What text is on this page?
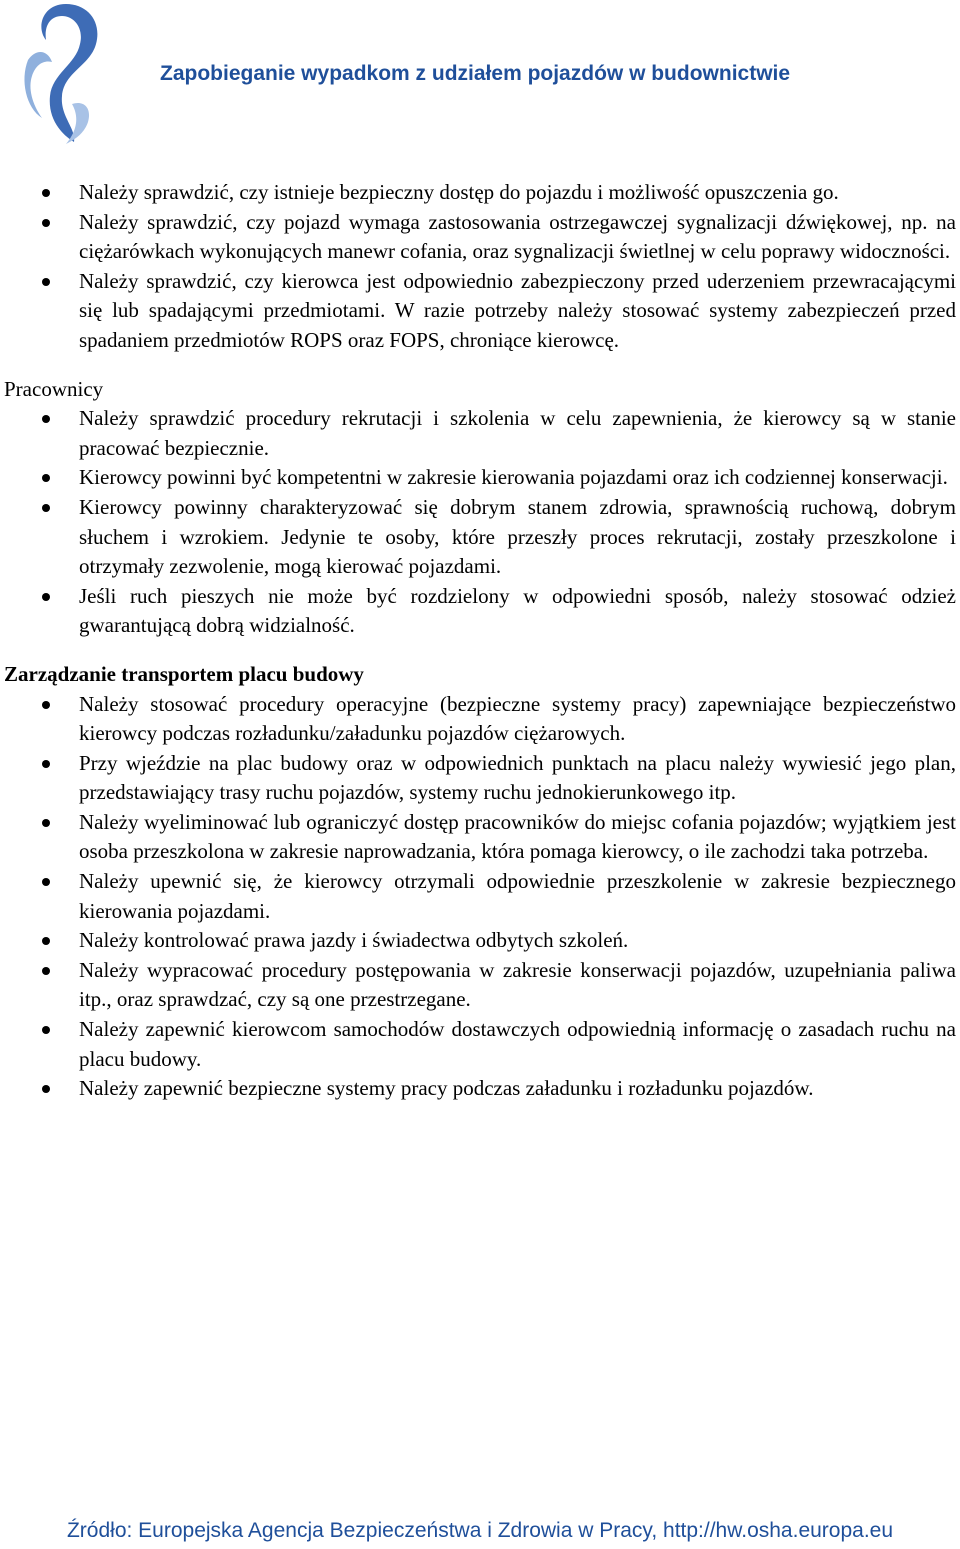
Zapobieganie wypadkom z udziałem pojazdów w budownictwie
Należy sprawdzić, czy istnieje bezpieczny dostęp do pojazdu i możliwość opuszczenia go.
Należy sprawdzić, czy pojazd wymaga zastosowania ostrzegawczej sygnalizacji dźwiękowej, np. na ciężarówkach wykonujących manewr cofania, oraz sygnalizacji świetlnej w celu poprawy widoczności.
Należy sprawdzić, czy kierowca jest odpowiednio zabezpieczony przed uderzeniem przewracającymi się lub spadającymi przedmiotami. W razie potrzeby należy stosować systemy zabezpieczeń przed spadaniem przedmiotów ROPS oraz FOPS, chroniące kierowcę.
Pracownicy
Należy sprawdzić procedury rekrutacji i szkolenia w celu zapewnienia, że kierowcy są w stanie pracować bezpiecznie.
Kierowcy powinni być kompetentni w zakresie kierowania pojazdami oraz ich codziennej konserwacji.
Kierowcy powinny charakteryzować się dobrym stanem zdrowia, sprawnością ruchową, dobrym słuchem i wzrokiem. Jedynie te osoby, które przeszły proces rekrutacji, zostały przeszkolone i otrzymały zezwolenie, mogą kierować pojazdami.
Jeśli ruch pieszych nie może być rozdzielony w odpowiedni sposób, należy stosować odzież gwarantującą dobrą widzialność.
Zarządzanie transportem placu budowy
Należy stosować procedury operacyjne (bezpieczne systemy pracy) zapewniające bezpieczeństwo kierowcy podczas rozładunku/załadunku pojazdów ciężarowych.
Przy wjeździe na plac budowy oraz w odpowiednich punktach na placu należy wywiesić jego plan, przedstawiający trasy ruchu pojazdów, systemy ruchu jednokierunkowego itp.
Należy wyeliminować lub ograniczyć dostęp pracowników do miejsc cofania pojazdów; wyjątkiem jest osoba przeszkolona w zakresie naprowadzania, która pomaga kierowcy, o ile zachodzi taka potrzeba.
Należy upewnić się, że kierowcy otrzymali odpowiednie przeszkolenie w zakresie bezpiecznego kierowania pojazdami.
Należy kontrolować prawa jazdy i świadectwa odbytych szkoleń.
Należy wypracować procedury postępowania w zakresie konserwacji pojazdów, uzupełniania paliwa itp., oraz sprawdzać, czy są one przestrzegane.
Należy zapewnić kierowcom samochodów dostawczych odpowiednią informację o zasadach ruchu na placu budowy.
Należy zapewnić bezpieczne systemy pracy podczas załadunku i rozładunku pojazdów.
Źródło: Europejska Agencja Bezpieczeństwa i Zdrowia w Pracy, http://hw.osha.europa.eu
